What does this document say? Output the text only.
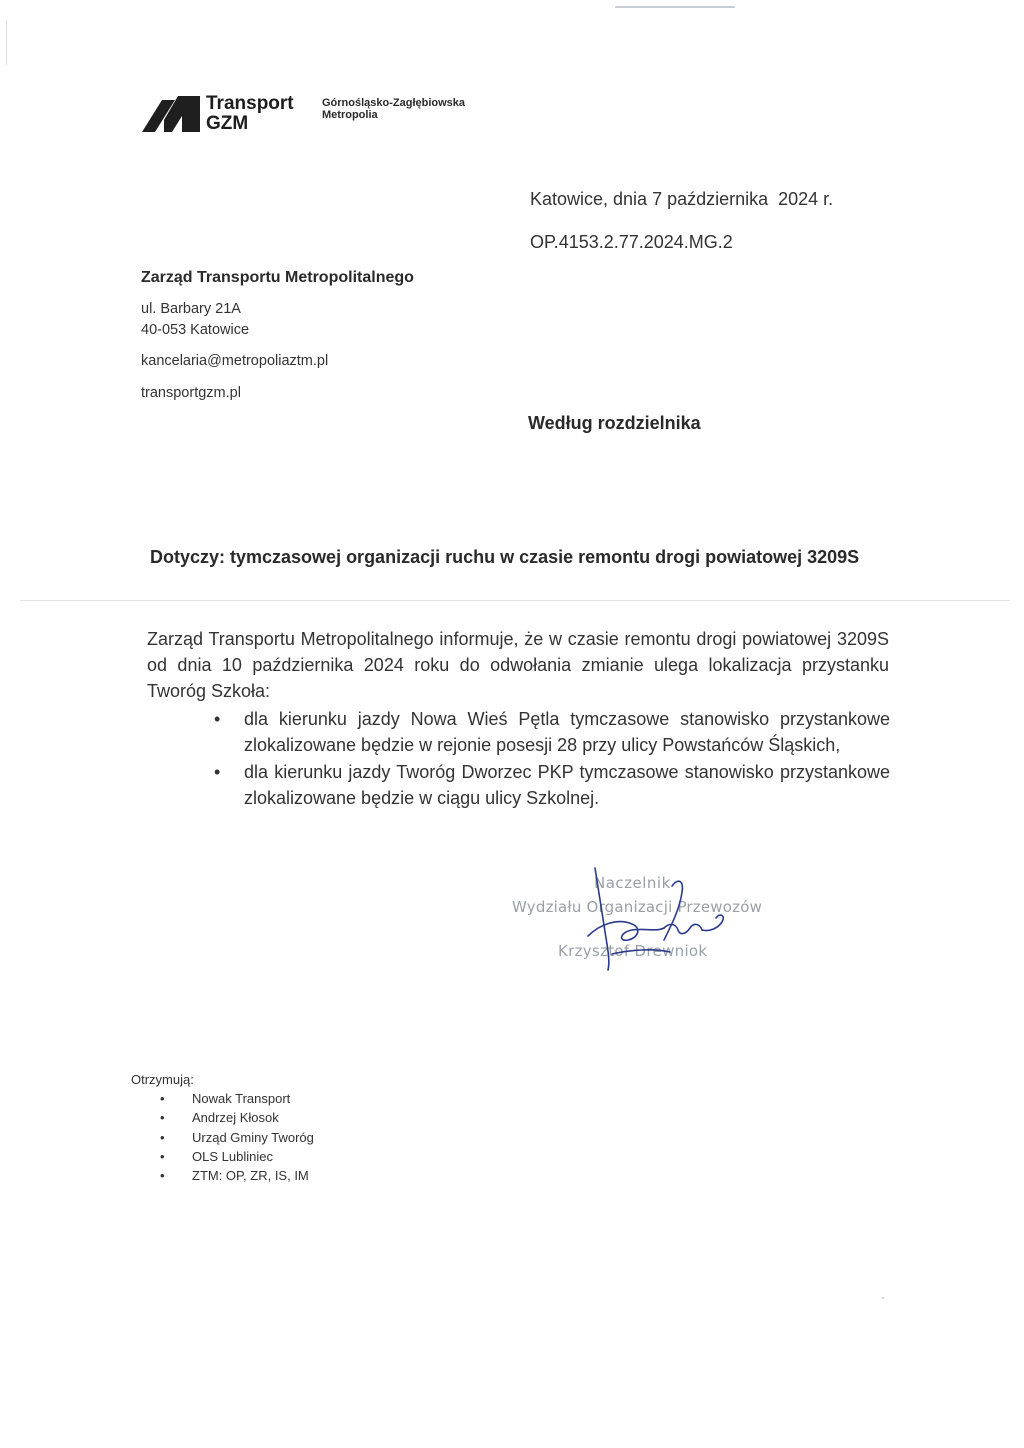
Transport
GZM
Górnośląsko-Zagłębiowska
Metropolia
Katowice, dnia 7 października  2024 r.
OP.4153.2.77.2024.MG.2
Zarząd Transportu Metropolitalnego
ul. Barbary 21A
40-053 Katowice
kancelaria@metropoliaztm.pl
transportgzm.pl
Według rozdzielnika
Dotyczy: tymczasowej organizacji ruchu w czasie remontu drogi powiatowej 3209S

Zarząd Transportu Metropolitalnego informuje, że w czasie remontu drogi powiatowej 3209S od dnia 10 października 2024 roku do odwołania zmianie ulega lokalizacja przystanku Tworóg Szkoła:

• dla kierunku jazdy Nowa Wieś Pętla tymczasowe stanowisko przystankowe zlokalizowane będzie w rejonie posesji 28 przy ulicy Powstańców Śląskich,
• dla kierunku jazdy Tworóg Dworzec PKP tymczasowe stanowisko przystankowe zlokalizowane będzie w ciągu ulicy Szkolnej.
Naczelnik
Wydziału Organizacji Przewozów
Krzysztof Drewniok
Otrzymują:
• Nowak Transport
• Andrzej Kłosok
• Urząd Gminy Tworóg
• OLS Lubliniec
• ZTM: OP, ZR, IS, IM
